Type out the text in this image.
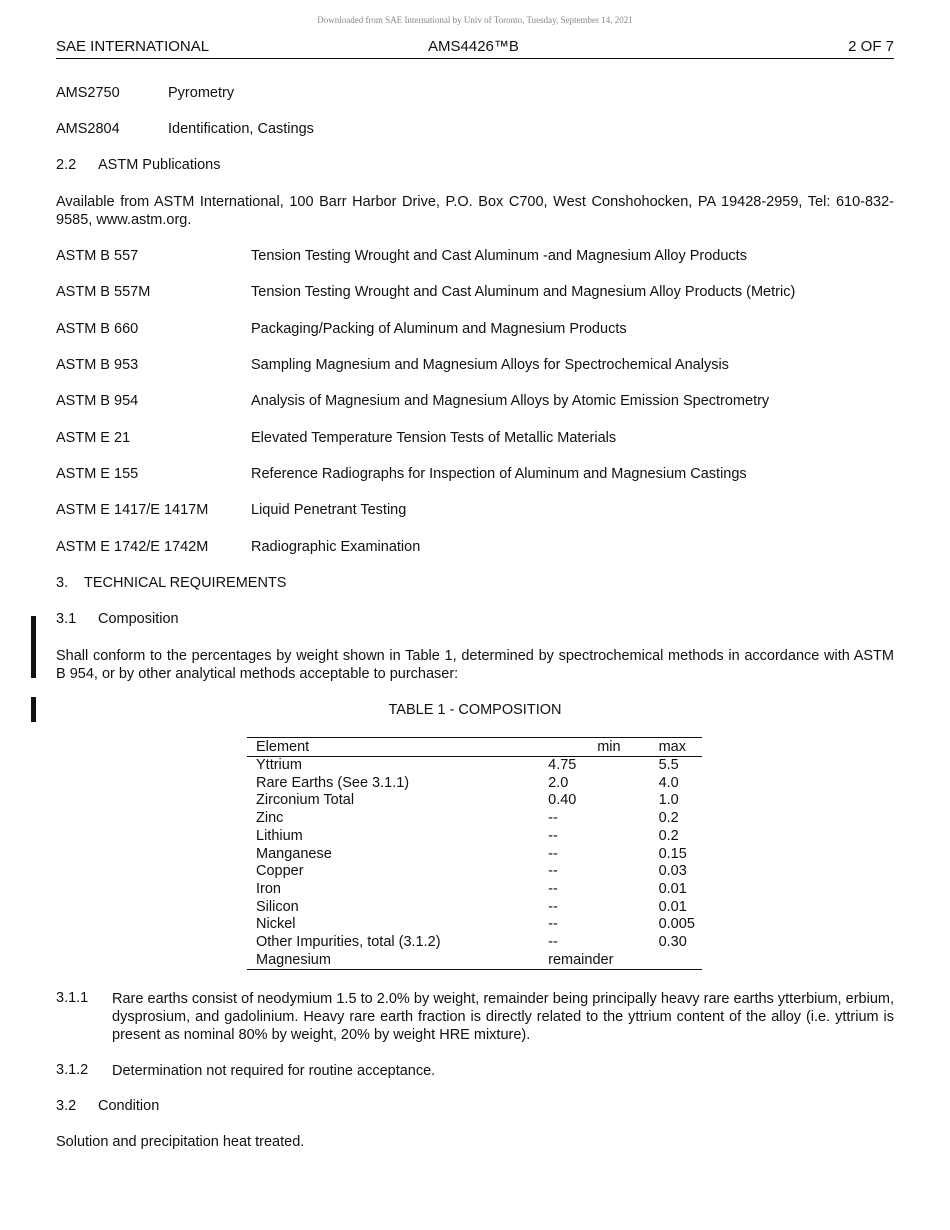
Downloaded from SAE International by Univ of Toronto, Tuesday, September 14, 2021
SAE INTERNATIONAL	AMS4426™B	2 OF 7
AMS2750	Pyrometry
AMS2804	Identification, Castings
2.2 ASTM Publications
Available from ASTM International, 100 Barr Harbor Drive, P.O. Box C700, West Conshohocken, PA 19428-2959, Tel: 610-832-9585, www.astm.org.
ASTM B 557	Tension Testing Wrought and Cast Aluminum -and Magnesium Alloy Products
ASTM B 557M	Tension Testing Wrought and Cast Aluminum and Magnesium Alloy Products (Metric)
ASTM B 660	Packaging/Packing of Aluminum and Magnesium Products
ASTM B 953	Sampling Magnesium and Magnesium Alloys for Spectrochemical Analysis
ASTM B 954	Analysis of Magnesium and Magnesium Alloys by Atomic Emission Spectrometry
ASTM E 21	Elevated Temperature Tension Tests of Metallic Materials
ASTM E 155	Reference Radiographs for Inspection of Aluminum and Magnesium Castings
ASTM E 1417/E 1417M	Liquid Penetrant Testing
ASTM E 1742/E 1742M	Radiographic Examination
3. TECHNICAL REQUIREMENTS
3.1 Composition
Shall conform to the percentages by weight shown in Table 1, determined by spectrochemical methods in accordance with ASTM B 954, or by other analytical methods acceptable to purchaser:
TABLE 1 - COMPOSITION
Element	min	max
Yttrium	4.75	5.5
Rare Earths (See 3.1.1)	2.0	4.0
Zirconium Total	0.40	1.0
Zinc	--	0.2
Lithium	--	0.2
Manganese	--	0.15
Copper	--	0.03
Iron	--	0.01
Silicon	--	0.01
Nickel	--	0.005
Other Impurities, total (3.1.2)	--	0.30
Magnesium	remainder	
3.1.1 Rare earths consist of neodymium 1.5 to 2.0% by weight, remainder being principally heavy rare earths ytterbium, erbium, dysprosium, and gadolinium. Heavy rare earth fraction is directly related to the yttrium content of the alloy (i.e. yttrium is present as nominal 80% by weight, 20% by weight HRE mixture).
3.1.2 Determination not required for routine acceptance.
3.2 Condition
Solution and precipitation heat treated.
